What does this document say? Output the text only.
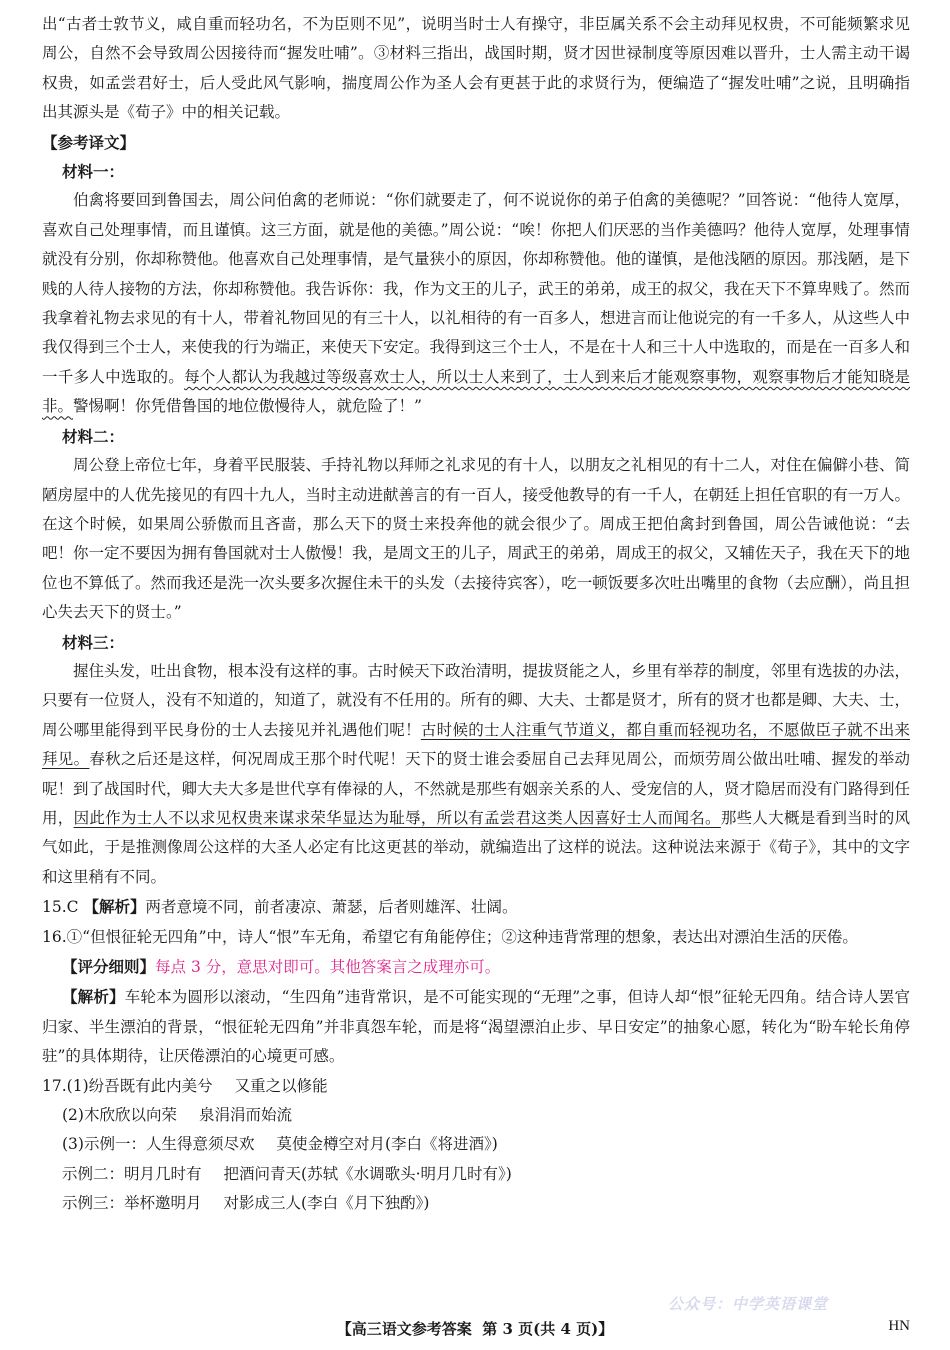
出“古者士敦节义，咸自重而轻功名，不为臣则不见”，说明当时士人有操守，非臣属关系不会主动拜见权贵，不可能频繁求见周公，自然不会导致周公因接待而“握发吐哺”。③材料三指出，战国时期，贤才因世禄制度等原因难以晋升，士人需主动干谒权贵，如孟尝君好士，后人受此风气影响，揣度周公作为圣人会有更甚于此的求贤行为，便编造了“握发吐哺”之说，且明确指出其源头是《荀子》中的相关记载。

【参考译文】

材料一：

伯禽将要回到鲁国去，周公问伯禽的老师说：“你们就要走了，何不说说你的弟子伯禽的美德呢？”回答说：“他待人宽厚，喜欢自己处理事情，而且谨慎。这三方面，就是他的美德。”周公说：“唉！你把人们厌恶的当作美德吗？他待人宽厚，处理事情就没有分别，你却称赞他。他喜欢自己处理事情，是气量狭小的原因，你却称赞他。他的谨慎，是他浅陋的原因。那浅陋，是下贱的人待人接物的方法，你却称赞他。我告诉你：我，作为文王的儿子，武王的弟弟，成王的叔父，我在天下不算卑贱了。然而我拿着礼物去求见的有十人，带着礼物回见的有三十人，以礼相待的有一百多人，想进言而让他说完的有一千多人，从这些人中我仅得到三个士人，来使我的行为端正，来使天下安定。我得到这三个士人，不是在十人和三十人中选取的，而是在一百多人和一千多人中选取的。每个人都认为我越过等级喜欢士人，所以士人来到了，士人到来后才能观察事物，观察事物后才能知晓是非。警惕啊！你凭借鲁国的地位傲慢待人，就危险了！”

材料二：

周公登上帝位七年，身着平民服装、手持礼物以拜师之礼求见的有十人，以朋友之礼相见的有十二人，对住在偏僻小巷、简陋房屋中的人优先接见的有四十九人，当时主动进献善言的有一百人，接受他教导的有一千人，在朝廷上担任官职的有一万人。在这个时候，如果周公骄傲而且吝啬，那么天下的贤士来投奔他的就会很少了。周成王把伯禽封到鲁国，周公告诫他说：“去吧！你一定不要因为拥有鲁国就对士人傲慢！我，是周文王的儿子，周武王的弟弟，周成王的叔父，又辅佐天子，我在天下的地位也不算低了。然而我还是洗一次头要多次握住未干的头发（去接待宾客），吃一顿饭要多次吐出嘴里的食物（去应酬），尚且担心失去天下的贤士。”

材料三：

握住头发，吐出食物，根本没有这样的事。古时候天下政治清明，提拔贤能之人，乡里有举荐的制度，邻里有选拔的办法，只要有一位贤人，没有不知道的，知道了，就没有不任用的。所有的卿、大夫、士都是贤才，所有的贤才也都是卿、大夫、士，周公哪里能得到平民身份的士人去接见并礼遇他们呢！古时候的士人注重气节道义，都自重而轻视功名，不愿做臣子就不出来拜见。春秋之后还是这样，何况周成王那个时代呢！天下的贤士谁会委屈自己去拜见周公，而烦劳周公做出吐哺、握发的举动呢！到了战国时代，卿大夫大多是世代享有俸禄的人，不然就是那些有姻亲关系的人、受宠信的人，贤才隐居而没有门路得到任用，因此作为士人不以求见权贵来谋求荣华显达为耻辱，所以有孟尝君这类人因喜好士人而闻名。那些人大概是看到当时的风气如此，于是推测像周公这样的大圣人必定有比这更甚的举动，就编造出了这样的说法。这种说法来源于《荀子》，其中的文字和这里稍有不同。

15.C 【解析】两者意境不同，前者凄凉、萧瑟，后者则雄浑、壮阔。

16.①“但恨征轮无四角”中，诗人“恨”车无角，希望它有角能停住；②这种违背常理的想象，表达出对漂泊生活的厌倦。

【评分细则】每点 3 分，意思对即可。其他答案言之成理亦可。

【解析】车轮本为圆形以滚动，“生四角”违背常识，是不可能实现的“无理”之事，但诗人却“恨”征轮无四角。结合诗人罢官归家、半生漂泊的背景，“恨征轮无四角”并非真怨车轮，而是将“渴望漂泊止步、早日安定”的抽象心愿，转化为“盼车轮长角停驻”的具体期待，让厌倦漂泊的心境更可感。

17.(1)纷吾既有此内美兮 又重之以修能

(2)木欣欣以向荣 泉涓涓而始流

(3)示例一：人生得意须尽欢 莫使金樽空对月(李白《将进酒》)

示例二：明月几时有 把酒问青天(苏轼《水调歌头·明月几时有》)

示例三：举杯邀明月 对影成三人(李白《月下独酌》)

公众号：中学英语课堂
【高三语文参考答案 第 3 页(共 4 页)】	HN
